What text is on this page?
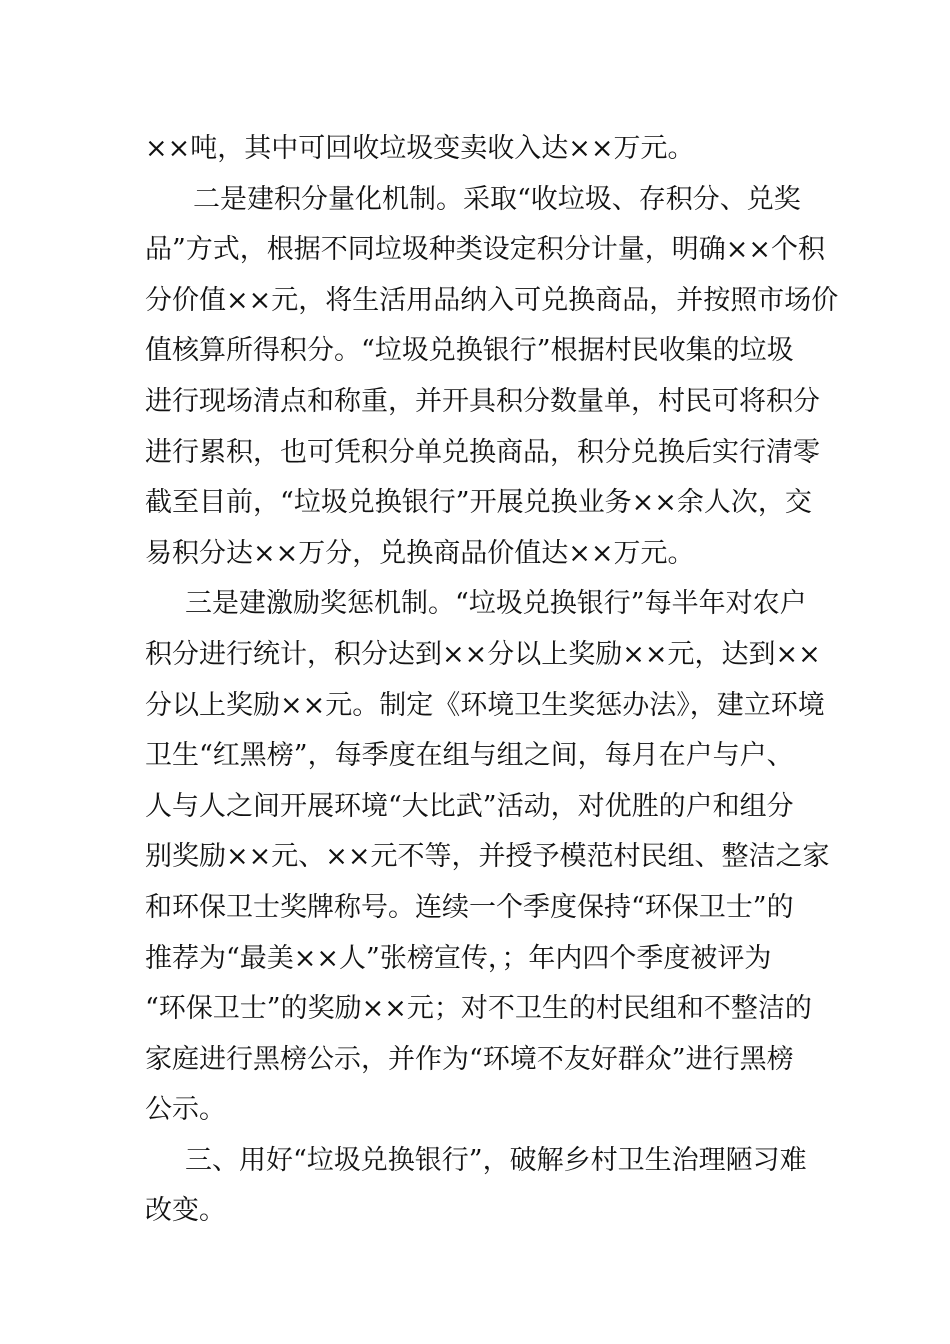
××吨，其中可回收垃圾变卖收入达××万元。
二是建积分量化机制。采取“收垃圾、存积分、兑奖
品”方式，根据不同垃圾种类设定积分计量，明确××个积
分价值××元，将生活用品纳入可兑换商品，并按照市场价
值核算所得积分。“垃圾兑换银行”根据村民收集的垃圾
进行现场清点和称重，并开具积分数量单，村民可将积分
进行累积，也可凭积分单兑换商品，积分兑换后实行清零
截至目前，“垃圾兑换银行”开展兑换业务××余人次，交
易积分达××万分，兑换商品价值达××万元。
三是建激励奖惩机制。“垃圾兑换银行”每半年对农户
积分进行统计，积分达到××分以上奖励××元，达到××
分以上奖励××元。制定《环境卫生奖惩办法》，建立环境
卫生“红黑榜”，每季度在组与组之间，每月在户与户、
人与人之间开展环境“大比武”活动，对优胜的户和组分
别奖励××元、××元不等，并授予模范村民组、整洁之家
和环保卫士奖牌称号。连续一个季度保持“环保卫士”的
推荐为“最美××人”张榜宣传，；年内四个季度被评为
“环保卫士”的奖励××元；对不卫生的村民组和不整洁的
家庭进行黑榜公示，并作为“环境不友好群众”进行黑榜
公示。
三、用好“垃圾兑换银行”，破解乡村卫生治理陋习难
改变。
